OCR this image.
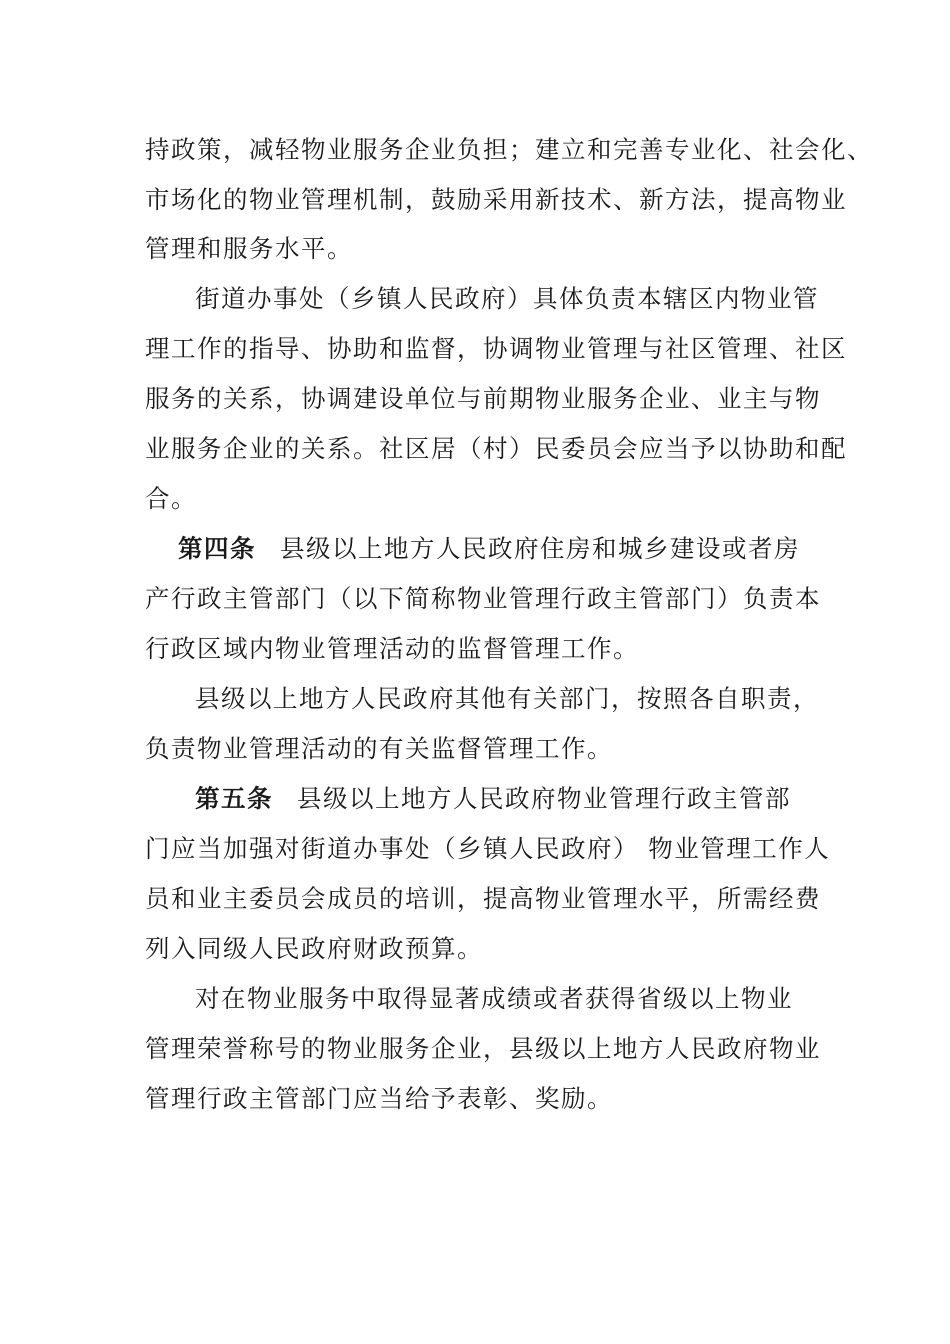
持政策，减轻物业服务企业负担；建立和完善专业化、社会化、
市场化的物业管理机制，鼓励采用新技术、新方法，提高物业
管理和服务水平。
街道办事处（乡镇人民政府）具体负责本辖区内物业管
理工作的指导、协助和监督，协调物业管理与社区管理、社区
服务的关系，协调建设单位与前期物业服务企业、业主与物
业服务企业的关系。社区居（村）民委员会应当予以协助和配
合。
第四条 县级以上地方人民政府住房和城乡建设或者房
产行政主管部门（以下简称物业管理行政主管部门）负责本
行政区域内物业管理活动的监督管理工作。
县级以上地方人民政府其他有关部门，按照各自职责，
负责物业管理活动的有关监督管理工作。
第五条 县级以上地方人民政府物业管理行政主管部
门应当加强对街道办事处（乡镇人民政府） 物业管理工作人
员和业主委员会成员的培训，提高物业管理水平，所需经费
列入同级人民政府财政预算。
对在物业服务中取得显著成绩或者获得省级以上物业
管理荣誉称号的物业服务企业，县级以上地方人民政府物业
管理行政主管部门应当给予表彰、奖励。
